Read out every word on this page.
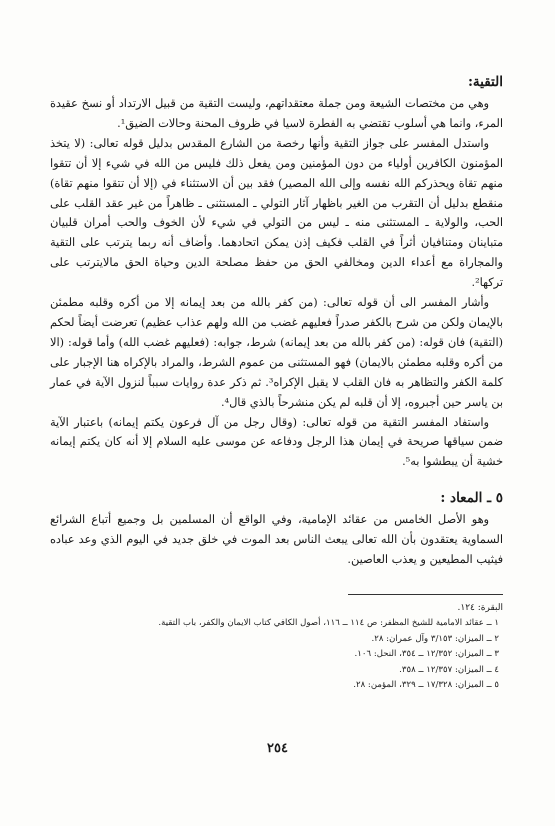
التقية:

وهي من مختصات الشيعة ومن جملة معتقداتهم، وليست التقية من قبيل الارتداد أو نسخ عقيدة المرء، وانما هي أسلوب تقتضي به الفطرة لاسيا في ظروف المحنة وحالات الضيق¹.

واستدل المفسر على جواز التقية وأنها رخصة من الشارع المقدس بدليل قوله تعالى: (لا يتخذ المؤمنون الكافرين أولياء من دون المؤمنين ومن يفعل ذلك فليس من الله في شيء إلا أن تتقوا منهم تقاة ويحذركم الله نفسه وإلى الله المصير) فقد بين أن الاستثناء في (إلا أن تتقوا منهم تقاة) منقطع بدليل أن التقرب من الغير باظهار آثار التولي ـ المستثنى ـ ظاهراً من غير عقد القلب على الحب، والولاية ـ المستثنى منه ـ ليس من التولي في شيء لأن الخوف والحب أمران قلبيان متباينان ومتنافيان أثراً في القلب فكيف إذن يمكن اتحادهما. وأضاف أنه ربما يترتب على التقية والمجاراة مع أعداء الدين ومخالفي الحق من حفظ مصلحة الدين وحياة الحق مالايترتب على تركها².

وأشار المفسر الى أن قوله تعالى: (من كفر بالله من بعد إيمانه إلا من أكره وقلبه مطمئن بالإيمان ولكن من شرح بالكفر صدراً فعليهم غضب من الله ولهم عذاب عظيم) تعرضت أيضاً لحكم (التقية) فان قوله: (من كفر بالله من بعد إيمانه) شرط، جوابه: (فعليهم غضب الله) وأما قوله: (الا من أكره وقلبه مطمئن بالايمان) فهو المستثنى من عموم الشرط، والمراد بالإكراه هنا الإجبار على كلمة الكفر والتظاهر به فان القلب لا يقبل الإكراه³. ثم ذكر عدة روايات سبباً لنزول الآية في عمار بن ياسر حين أجبروه، إلا أن قلبه لم يكن منشرحاً بالذي قال⁴.

واستفاد المفسر التقية من قوله تعالى: (وقال رجل من آل فرعون يكتم إيمانه) باعتبار الآية ضمن سياقها صريحة في إيمان هذا الرجل ودفاعه عن موسى عليه السلام إلا أنه كان يكتم إيمانه خشية أن يبطشوا به⁵.

٥ ـ المعاد :

وهو الأصل الخامس من عقائد الإمامية، وفي الواقع أن المسلمين بل وجميع أتباع الشرائع السماوية يعتقدون بأن الله تعالى يبعث الناس بعد الموت في خلق جديد في اليوم الذي وعد عباده فيثيب المطيعين و يعذب العاصين.

البقرة: ١٢٤.

١ ــ عقائد الامامية للشيخ المظفر: ص ١١٤ ــ ١١٦، أصول الكافي كتاب الايمان والكفر، باب التقية.

٢ ــ الميزان: ٣/١٥٣ وآل عمران: ٢٨.

٣ ــ الميزان: ١٢/٣٥٢ ــ ٣٥٤، النحل: ١٠٦.

٤ ــ الميزان: ١٢/٣٥٧ ــ ٣٥٨.

٥ ــ الميزان: ١٧/٣٢٨ ــ ٣٢٩، المؤمن: ٢٨.

٢٥٤
